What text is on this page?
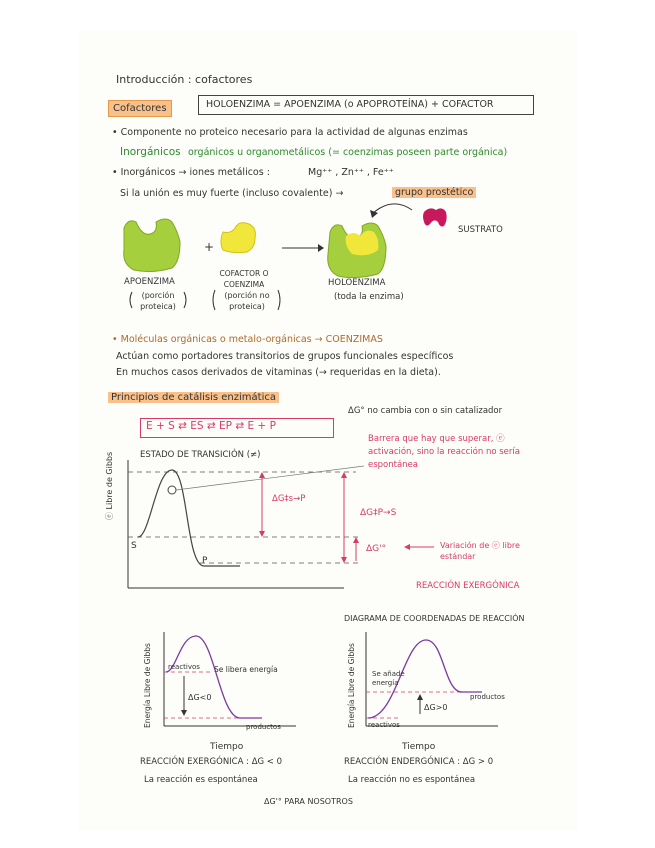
Introducción : cofactores
Cofactores	HOLOENZIMA = APOENZIMA (o APOPROTEÍNA) + COFACTOR
• Componente no proteico necesario para la actividad de algunas enzimas
Inorgánicos orgánicos u organometálicos (= coenzimas poseen parte orgánica)
• Inorgánicos → iones metálicos :	Mg⁺⁺ , Zn⁺⁺ , Fe⁺⁺
Si la unión es muy fuerte (incluso covalente) →	grupo prostético
+
SUSTRATO
APOENZIMA
(porción proteica)
COFACTOR O COENZIMA
(porción no proteica)
HOLOENZIMA
(toda la enzima)
• Moléculas orgánicas o metalo-orgánicas → COENZIMAS
Actúan como portadores transitorios de grupos funcionales específicos
En muchos casos derivados de vitaminas (→ requeridas en la dieta).
Principios de catálisis enzimática
ΔG° no cambia con o sin catalizador
E + S ⇄ ES ⇄ EP ⇄ E + P
ESTADO DE TRANSICIÓN (≠)
Barrera que hay que superar, ⓔ activación, sino la reacción no sería espontánea
ⓔ Libre de Gibbs
S
P
ΔG‡s→P
ΔG‡P→S
ΔG'°	Variación de ⓔ libre estándar
REACCIÓN EXERGÓNICA
DIAGRAMA DE COORDENADAS DE REACCIÓN
Energía Libre de Gibbs reactivos Se libera energía
ΔG<0
productos
Tiempo
REACCIÓN EXERGÓNICA : ΔG < 0
La reacción es espontánea
Energía Libre de Gibbs Se añade energía
ΔG>0
productos
reactivos
Tiempo
REACCIÓN ENDERGÓNICA : ΔG > 0
La reacción no es espontánea
ΔG'° PARA NOSOTROS
